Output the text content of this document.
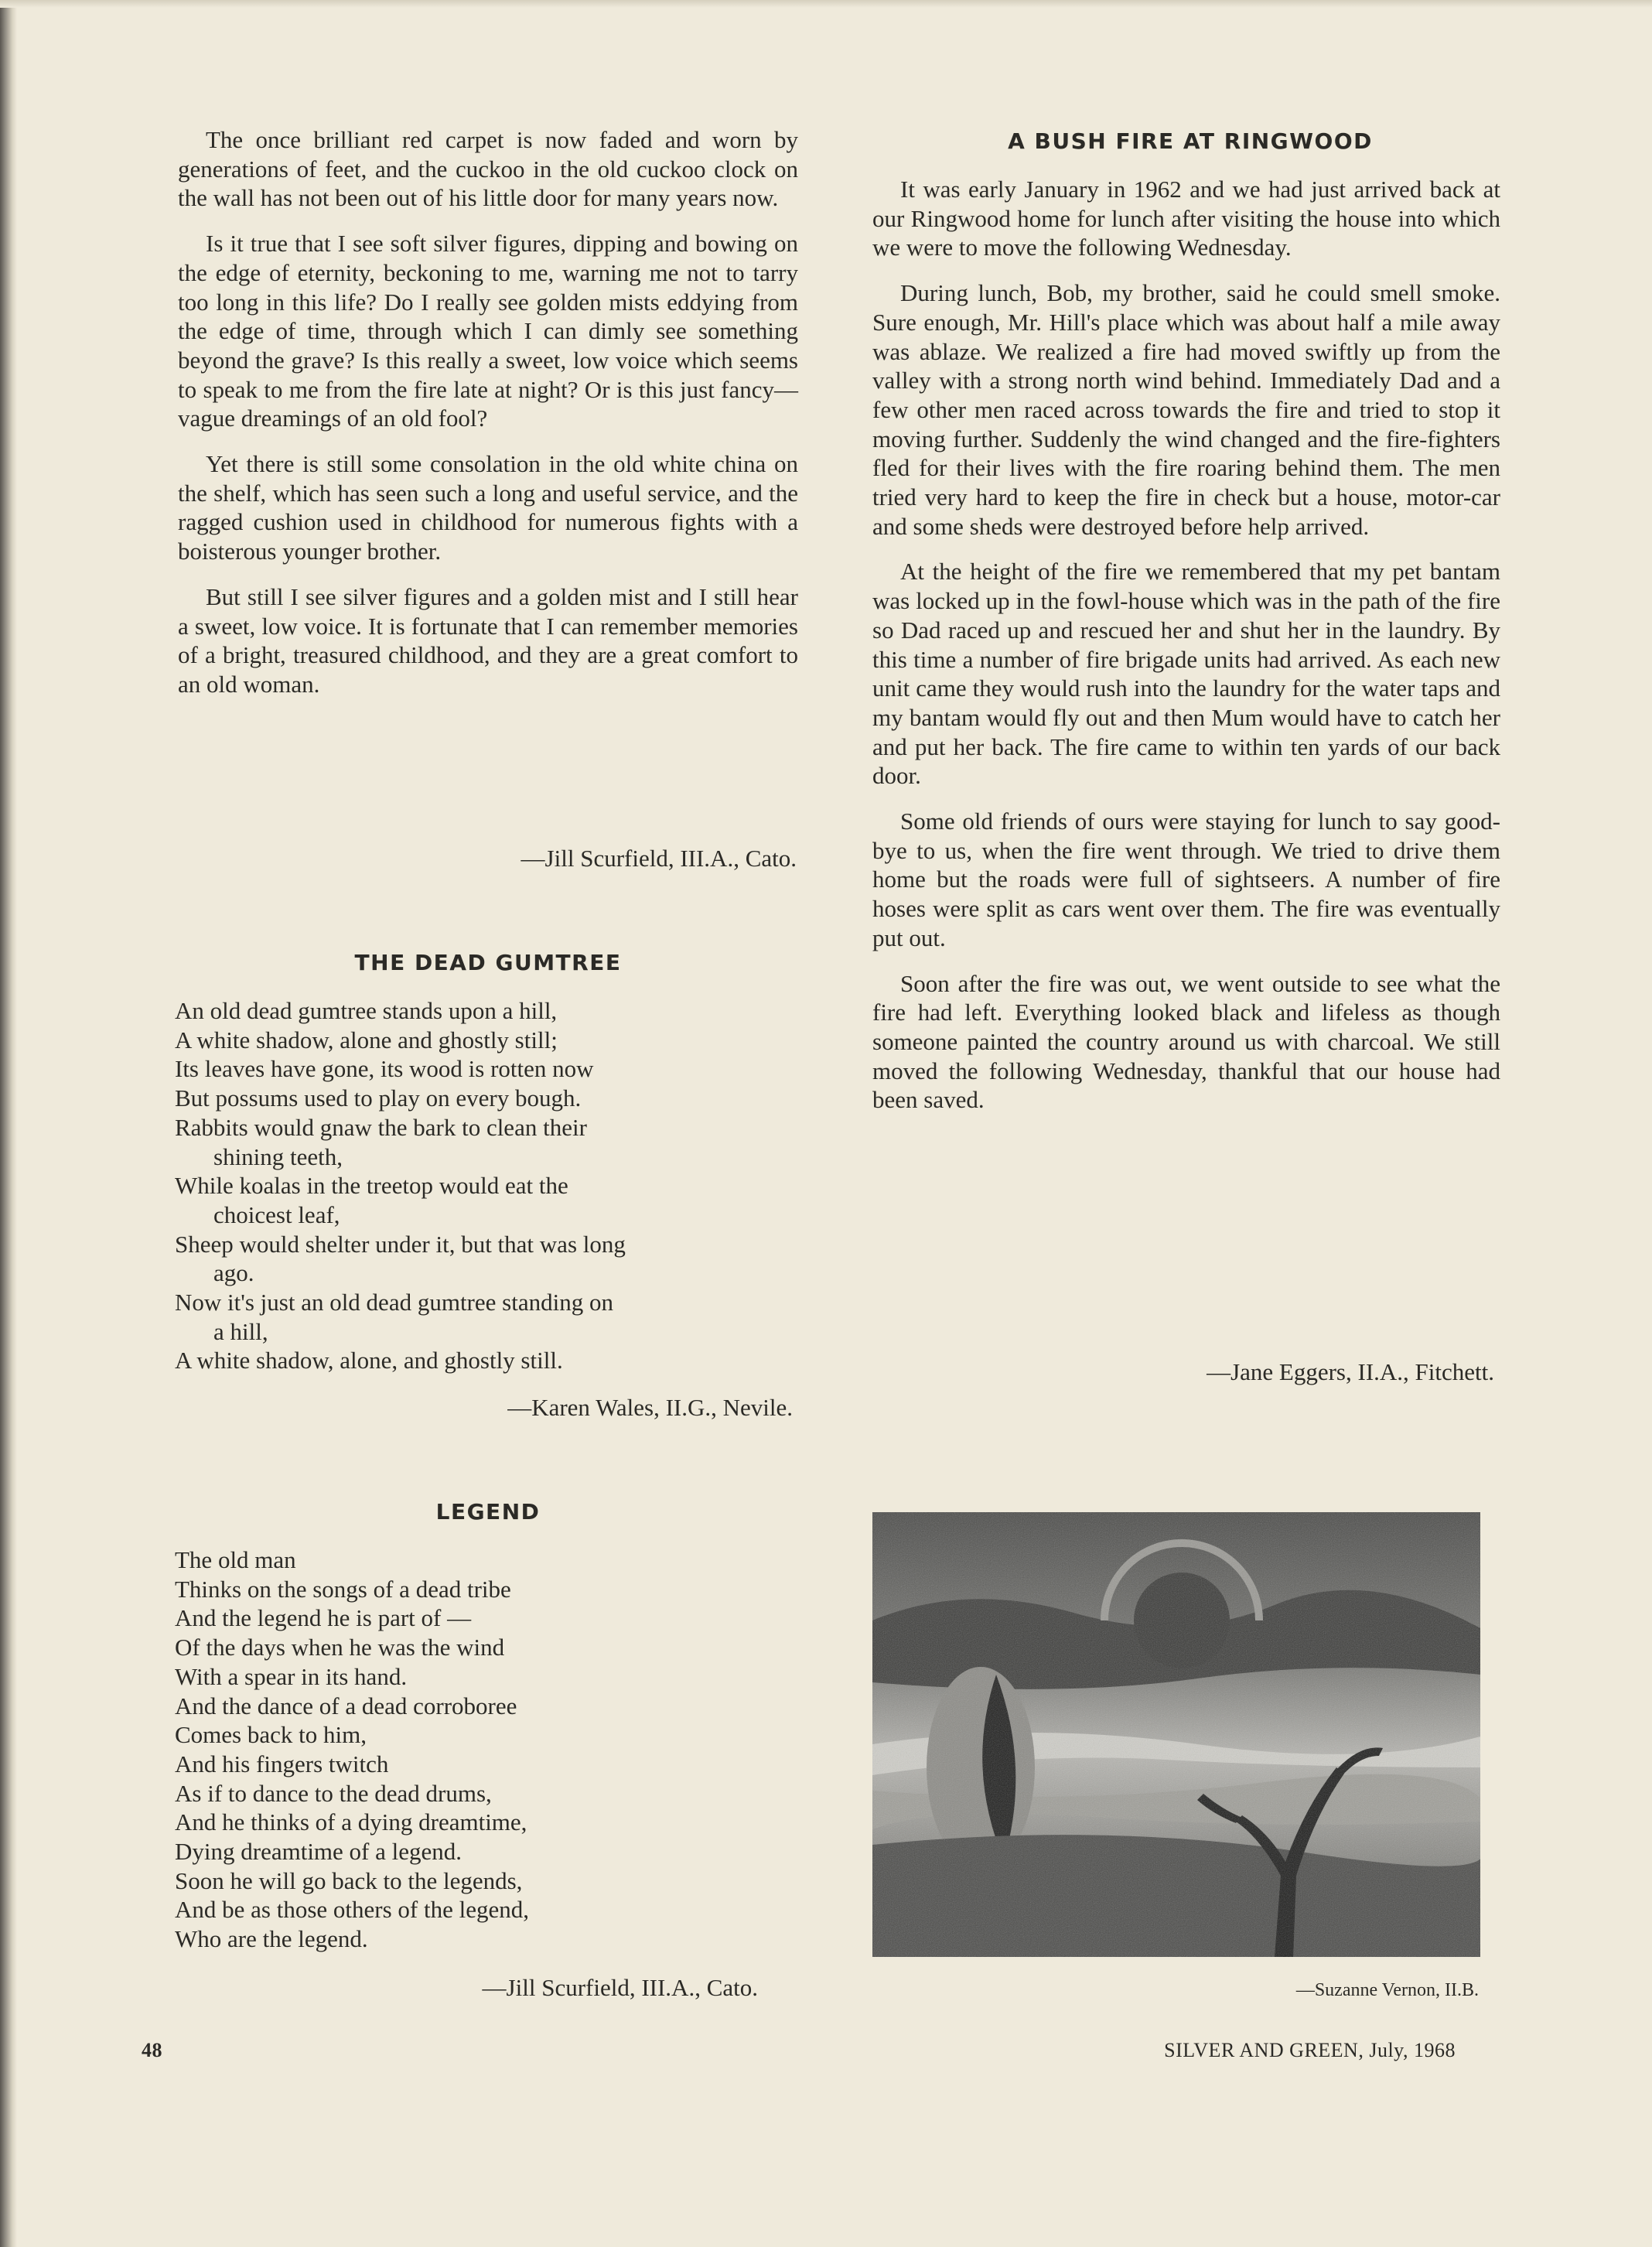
The once brilliant red carpet is now faded and worn by generations of feet, and the cuckoo in the old cuckoo clock on the wall has not been out of his little door for many years now.

Is it true that I see soft silver figures, dipping and bowing on the edge of eternity, beckoning to me, warning me not to tarry too long in this life? Do I really see golden mists eddying from the edge of time, through which I can dimly see something beyond the grave? Is this really a sweet, low voice which seems to speak to me from the fire late at night? Or is this just fancy— vague dreamings of an old fool?

Yet there is still some consolation in the old white china on the shelf, which has seen such a long and useful service, and the ragged cushion used in childhood for numerous fights with a boisterous younger brother.

But still I see silver figures and a golden mist and I still hear a sweet, low voice. It is fortunate that I can remember memories of a bright, treasured childhood, and they are a great comfort to an old woman.

—Jill Scurfield, III.A., Cato.
THE DEAD GUMTREE
An old dead gumtree stands upon a hill,
A white shadow, alone and ghostly still;
Its leaves have gone, its wood is rotten now
But possums used to play on every bough.
Rabbits would gnaw the bark to clean their
shining teeth,
While koalas in the treetop would eat the
choicest leaf,
Sheep would shelter under it, but that was long
ago.
Now it's just an old dead gumtree standing on
a hill,
A white shadow, alone, and ghostly still.
—Karen Wales, II.G., Nevile.
LEGEND
The old man
Thinks on the songs of a dead tribe
And the legend he is part of —
Of the days when he was the wind
With a spear in its hand.
And the dance of a dead corroboree
Comes back to him,
And his fingers twitch
As if to dance to the dead drums,
And he thinks of a dying dreamtime,
Dying dreamtime of a legend.
Soon he will go back to the legends,
And be as those others of the legend,
Who are the legend.
—Jill Scurfield, III.A., Cato.
A BUSH FIRE AT RINGWOOD

It was early January in 1962 and we had just arrived back at our Ringwood home for lunch after visiting the house into which we were to move the following Wednesday.

During lunch, Bob, my brother, said he could smell smoke. Sure enough, Mr. Hill's place which was about half a mile away was ablaze. We realized a fire had moved swiftly up from the valley with a strong north wind behind. Immediately Dad and a few other men raced across towards the fire and tried to stop it moving further. Suddenly the wind changed and the fire-fighters fled for their lives with the fire roaring behind them. The men tried very hard to keep the fire in check but a house, motor-car and some sheds were destroyed before help arrived.

At the height of the fire we remembered that my pet bantam was locked up in the fowl-house which was in the path of the fire so Dad raced up and rescued her and shut her in the laundry. By this time a number of fire brigade units had arrived. As each new unit came they would rush into the laundry for the water taps and my bantam would fly out and then Mum would have to catch her and put her back. The fire came to within ten yards of our back door.

Some old friends of ours were staying for lunch to say good-bye to us, when the fire went through. We tried to drive them home but the roads were full of sightseers. A number of fire hoses were split as cars went over them. The fire was eventually put out.

Soon after the fire was out, we went outside to see what the fire had left. Everything looked black and lifeless as though someone painted the country around us with charcoal. We still moved the following Wednesday, thankful that our house had been saved.

—Jane Eggers, II.A., Fitchett.
—Suzanne Vernon, II.B.
48	SILVER AND GREEN, July, 1968
